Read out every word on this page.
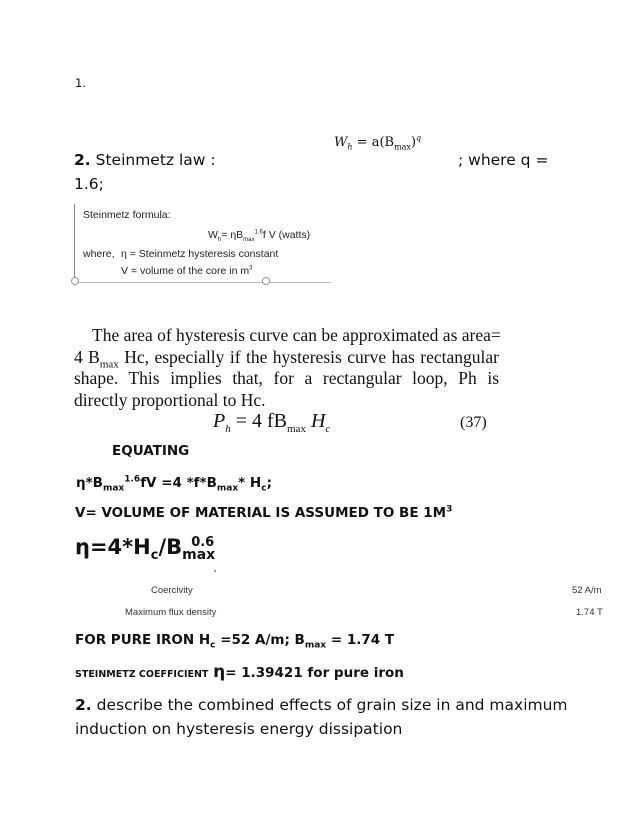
1.
2. Steinmetz law :
$W_h = a(B_{max})^q$
; where q =
1.6;
Steinmetz formula:
$W_h= \eta B_{max}^{1.6}f$ V (watts)
where, η = Steinmetz hysteresis constant
V = volume of the core in $m^3$
The area of hysteresis curve can be approximated as area=
4 $B_{max}$ Hc, especially if the hysteresis curve has rectangular
shape. This implies that, for a rectangular loop, Ph is
directly proportional to Hc.
$P_h = 4$ $fB_{max}$ $H_c$	(37)
EQUATING
$\eta*B_{max}^{1.6}fV =4$ $*f*B_{max}*$ $H_c$;
V= VOLUME OF MATERIAL IS ASSUMED TO BE $1M^3$
$\eta=4*H_c/B_{max}^{0.6}$
Coercivity	52 A/m
Maximum flux density	1.74 T
FOR PURE IRON $H_c =52$ A/m; $B_{max} = 1.74$ T
STEINMETZ COEFFICIENT η= 1.39421 for pure iron
2. describe the combined effects of grain size in and maximum
induction on hysteresis energy dissipation
